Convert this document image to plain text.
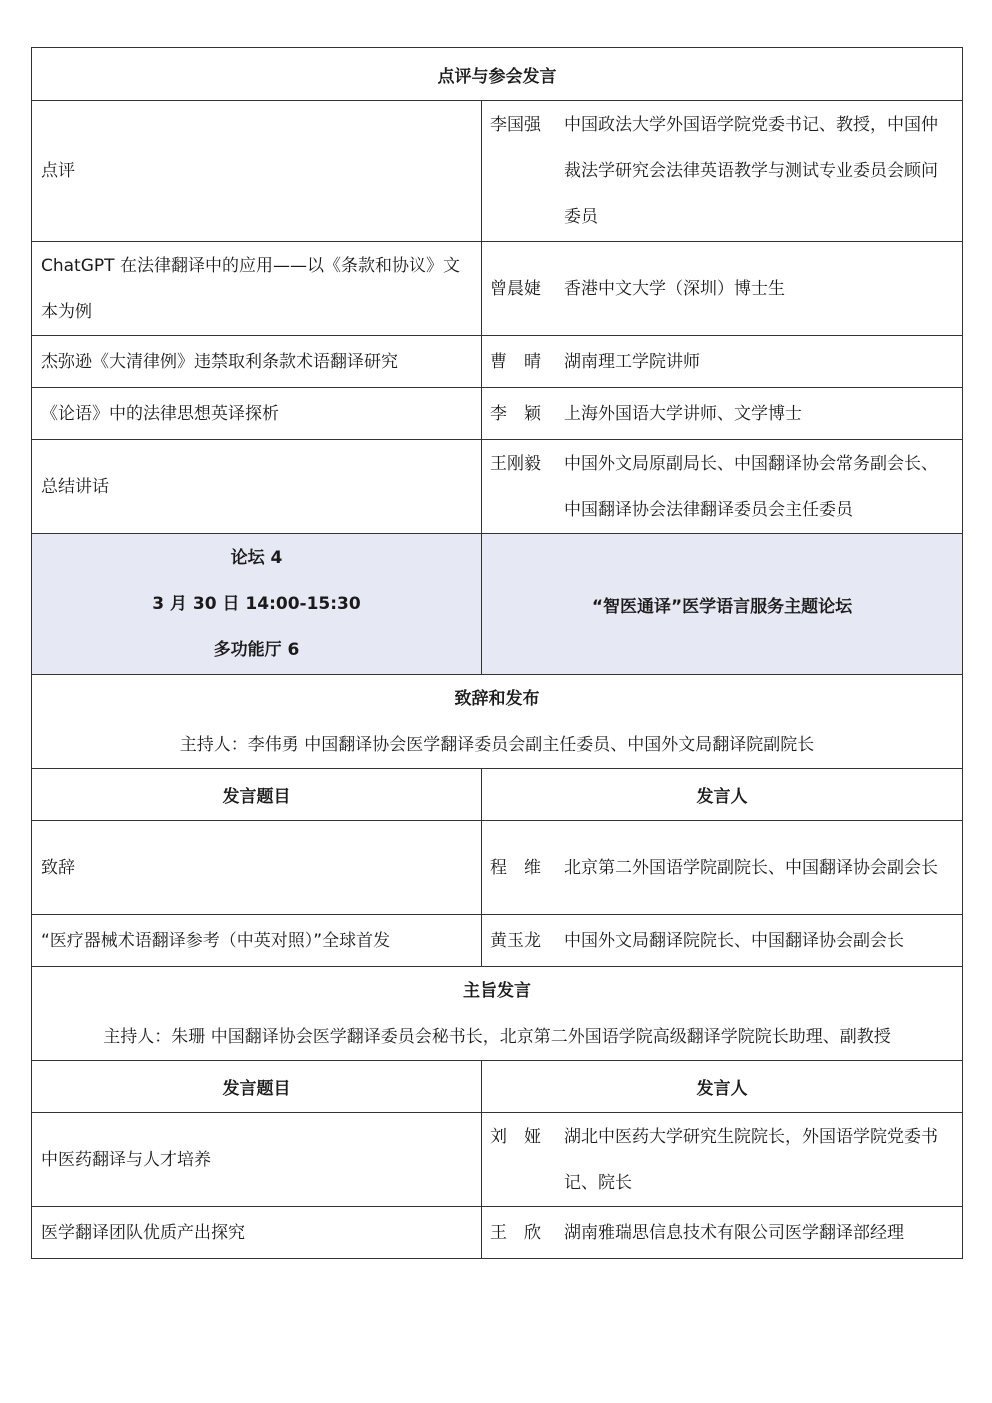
点评与参会发言	
点评	李国强 中国政法大学外国语学院党委书记、教授，中国仲裁法学研究会法律英语教学与测试专业委员会顾问委员

ChatGPT 在法律翻译中的应用——以《条款和协议》文本为例	曾晨婕 香港中文大学（深圳）博士生

杰弥逊《大清律例》违禁取利条款术语翻译研究	曹　晴 湖南理工学院讲师

《论语》中的法律思想英译探析	李　颖 上海外国语大学讲师、文学博士

总结讲话	王刚毅 中国外文局原副局长、中国翻译协会常务副会长、中国翻译协会法律翻译委员会主任委员

论坛 4
3 月 30 日 14:00-15:30
多功能厅 6	“智医通译”医学语言服务主题论坛

致辞和发布
主持人：李伟勇 中国翻译协会医学翻译委员会副主任委员、中国外文局翻译院副院长	

发言题目	发言人
致辞	程　维 北京第二外国语学院副院长、中国翻译协会副会长

“医疗器械术语翻译参考（中英对照）”全球首发	黄玉龙 中国外文局翻译院院长、中国翻译协会副会长

主旨发言
主持人：朱珊 中国翻译协会医学翻译委员会秘书长，北京第二外国语学院高级翻译学院院长助理、副教授	

发言题目	发言人
中医药翻译与人才培养	刘　娅 湖北中医药大学研究生院院长，外国语学院党委书记、院长

医学翻译团队优质产出探究	王　欣 湖南雅瑞思信息技术有限公司医学翻译部经理
